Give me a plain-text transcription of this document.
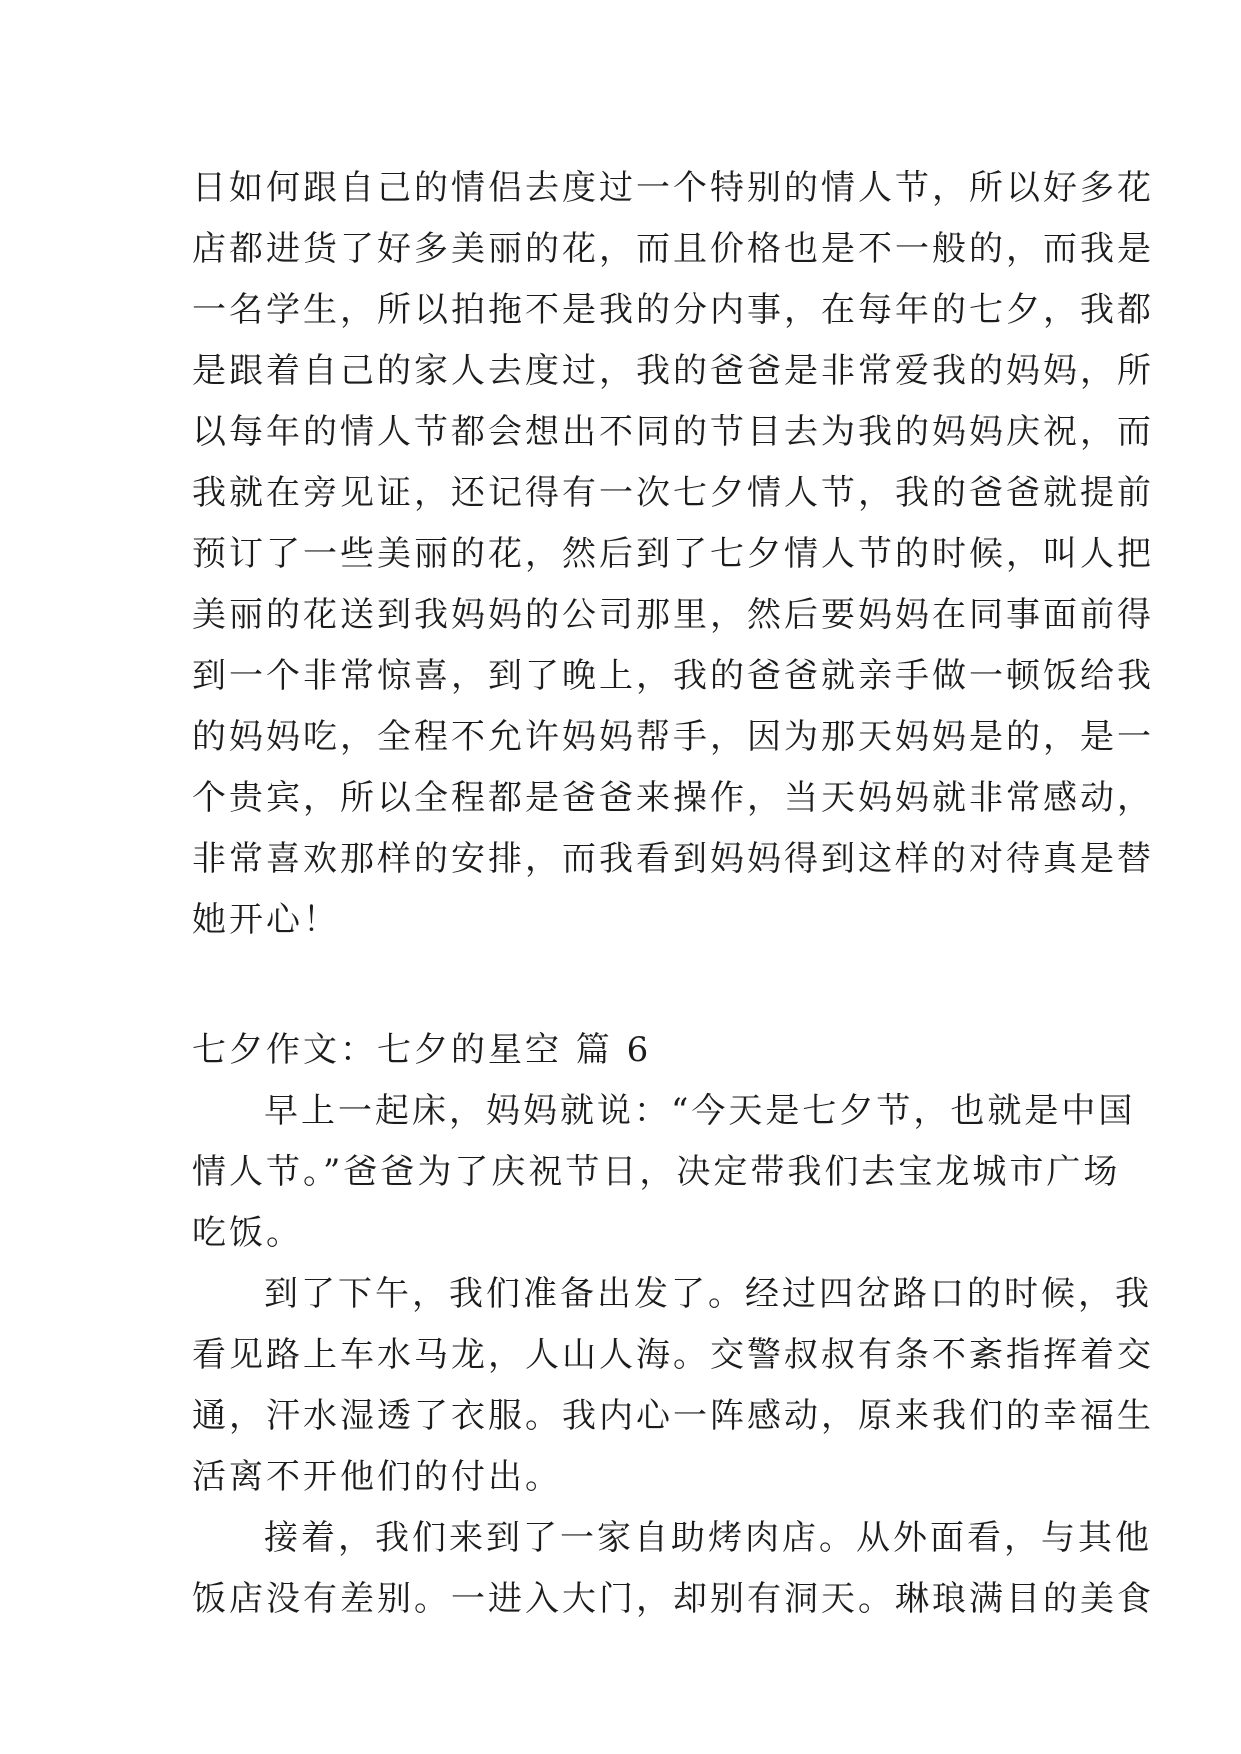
日如何跟自己的情侣去度过一个特别的情人节，所以好多花
店都进货了好多美丽的花，而且价格也是不一般的，而我是
一名学生，所以拍拖不是我的分内事，在每年的七夕，我都
是跟着自己的家人去度过，我的爸爸是非常爱我的妈妈，所
以每年的情人节都会想出不同的节目去为我的妈妈庆祝，而
我就在旁见证，还记得有一次七夕情人节，我的爸爸就提前
预订了一些美丽的花，然后到了七夕情人节的时候，叫人把
美丽的花送到我妈妈的公司那里，然后要妈妈在同事面前得
到一个非常惊喜，到了晚上，我的爸爸就亲手做一顿饭给我
的妈妈吃，全程不允许妈妈帮手，因为那天妈妈是的，是一
个贵宾，所以全程都是爸爸来操作，当天妈妈就非常感动，
非常喜欢那样的安排，而我看到妈妈得到这样的对待真是替
她开心！
七夕作文：七夕的星空 篇 6
早上一起床，妈妈就说：“今天是七夕节，也就是中国
情人节。”爸爸为了庆祝节日，决定带我们去宝龙城市广场
吃饭。
到了下午，我们准备出发了。经过四岔路口的时候，我
看见路上车水马龙，人山人海。交警叔叔有条不紊指挥着交
通，汗水湿透了衣服。我内心一阵感动，原来我们的幸福生
活离不开他们的付出。
接着，我们来到了一家自助烤肉店。从外面看，与其他
饭店没有差别。一进入大门，却别有洞天。琳琅满目的美食
